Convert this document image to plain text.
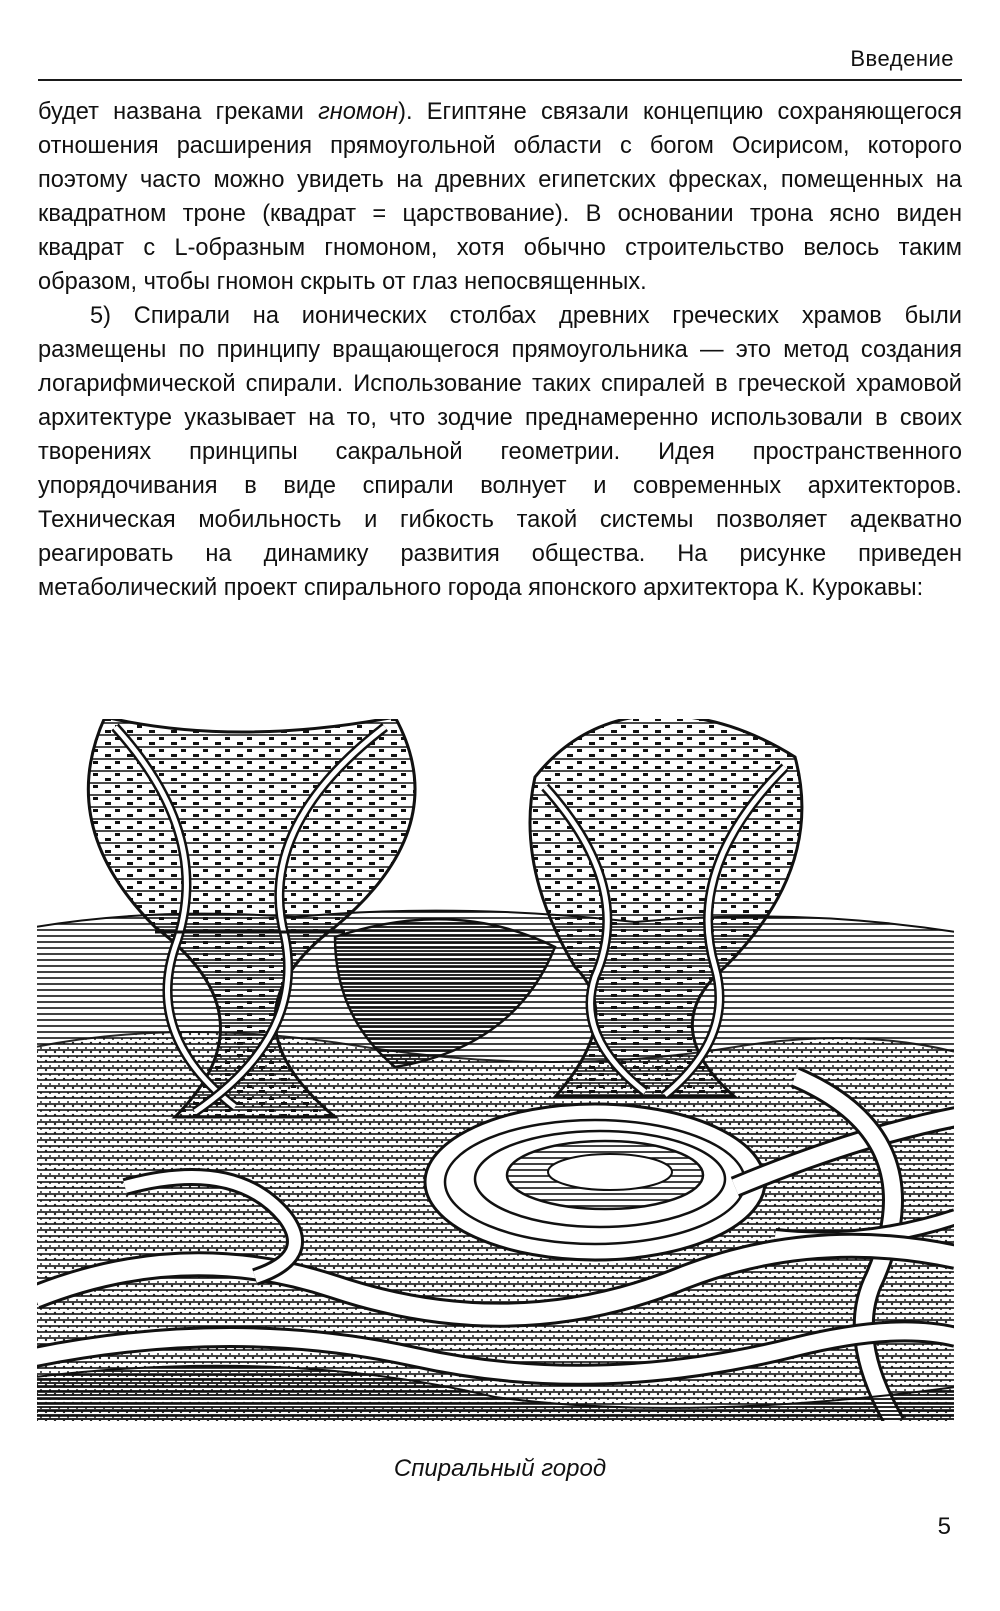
Введение

будет названа греками гномон). Египтяне связали концепцию сохраняющегося отношения расширения прямоугольной области с богом Осирисом, которого поэтому часто можно увидеть на древних египетских фресках, помещенных на квадратном троне (квадрат = царствование). В основании трона ясно виден квадрат с L-образным гномоном, хотя обычно строительство велось таким образом, чтобы гномон скрыть от глаз непосвященных.

5) Спирали на ионических столбах древних греческих храмов были размещены по принципу вращающегося прямоугольника — это метод создания логарифмической спирали. Использование таких спиралей в греческой храмовой архитектуре указывает на то, что зодчие преднамеренно использовали в своих творениях принципы сакральной геометрии. Идея пространственного упорядочивания в виде спирали волнует и современных архитекторов. Техническая мобильность и гибкость такой системы позволяет адекватно реагировать на динамику развития общества. На рисунке приведен метаболический проект спирального города японского архитектора К. Курокавы:

Спиральный город
5
